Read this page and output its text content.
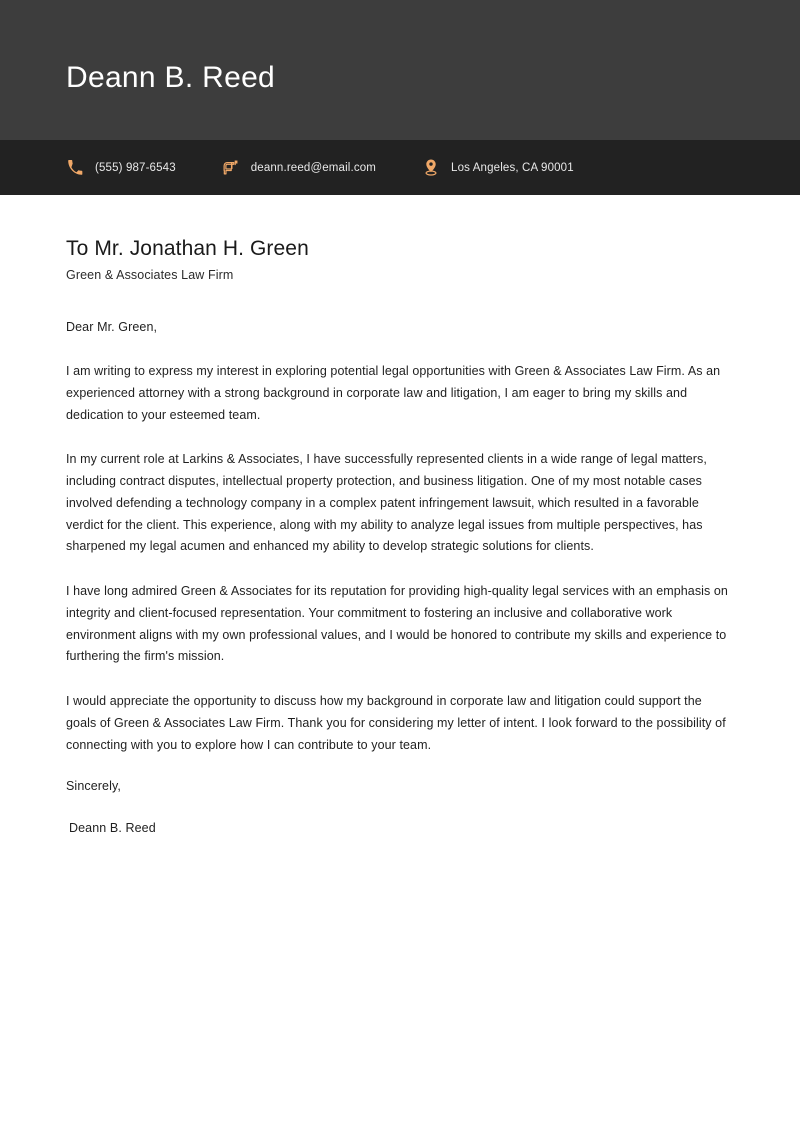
Deann B. Reed
(555) 987-6543	deann.reed@email.com	Los Angeles, CA 90001
To Mr. Jonathan H. Green
Green & Associates Law Firm
Dear Mr. Green,

I am writing to express my interest in exploring potential legal opportunities with Green & Associates Law Firm. As an experienced attorney with a strong background in corporate law and litigation, I am eager to bring my skills and dedication to your esteemed team.

In my current role at Larkins & Associates, I have successfully represented clients in a wide range of legal matters, including contract disputes, intellectual property protection, and business litigation. One of my most notable cases involved defending a technology company in a complex patent infringement lawsuit, which resulted in a favorable verdict for the client. This experience, along with my ability to analyze legal issues from multiple perspectives, has sharpened my legal acumen and enhanced my ability to develop strategic solutions for clients.

I have long admired Green & Associates for its reputation for providing high-quality legal services with an emphasis on integrity and client-focused representation. Your commitment to fostering an inclusive and collaborative work environment aligns with my own professional values, and I would be honored to contribute my skills and experience to furthering the firm's mission.

I would appreciate the opportunity to discuss how my background in corporate law and litigation could support the goals of Green & Associates Law Firm. Thank you for considering my letter of intent. I look forward to the possibility of connecting with you to explore how I can contribute to your team.

Sincerely,
Deann B. Reed
